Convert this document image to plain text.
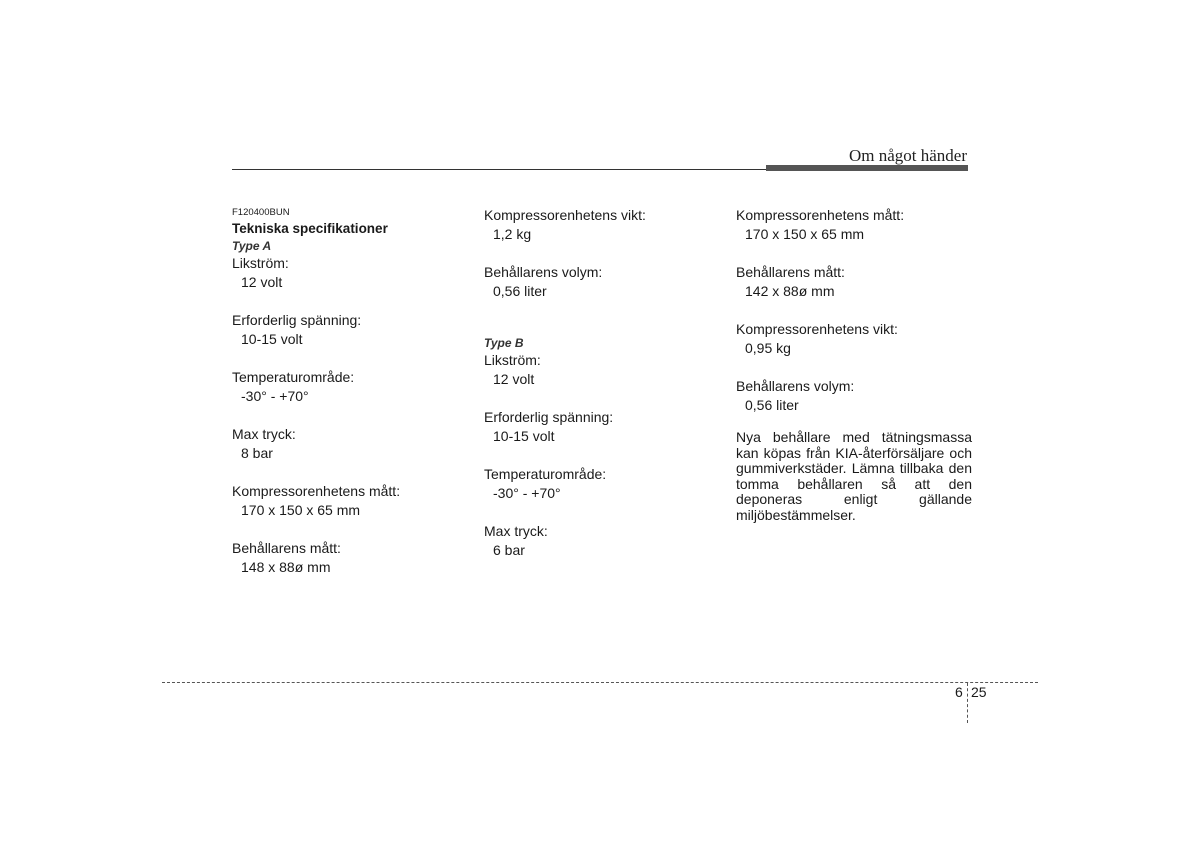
Om något händer
F120400BUN
Tekniska specifikationer
Type A
Likström:
12 volt
Erforderlig spänning:
10-15 volt
Temperaturområde:
-30° - +70°
Max tryck:
8 bar
Kompressorenhetens mått:
170 x 150 x 65 mm
Behållarens mått:
148 x 88ø mm
Kompressorenhetens vikt:
1,2 kg
Behållarens volym:
0,56 liter
Type B
Likström:
12 volt
Erforderlig spänning:
10-15 volt
Temperaturområde:
-30° - +70°
Max tryck:
6 bar
Kompressorenhetens mått:
170 x 150 x 65 mm
Behållarens mått:
142 x 88ø mm
Kompressorenhetens vikt:
0,95 kg
Behållarens volym:
0,56 liter
Nya behållare med tätningsmassa kan köpas från KIA-återförsäljare och gummiverkstäder. Lämna tillbaka den tomma behållaren så att den deponeras enligt gällande miljöbestämmelser.
6 25
